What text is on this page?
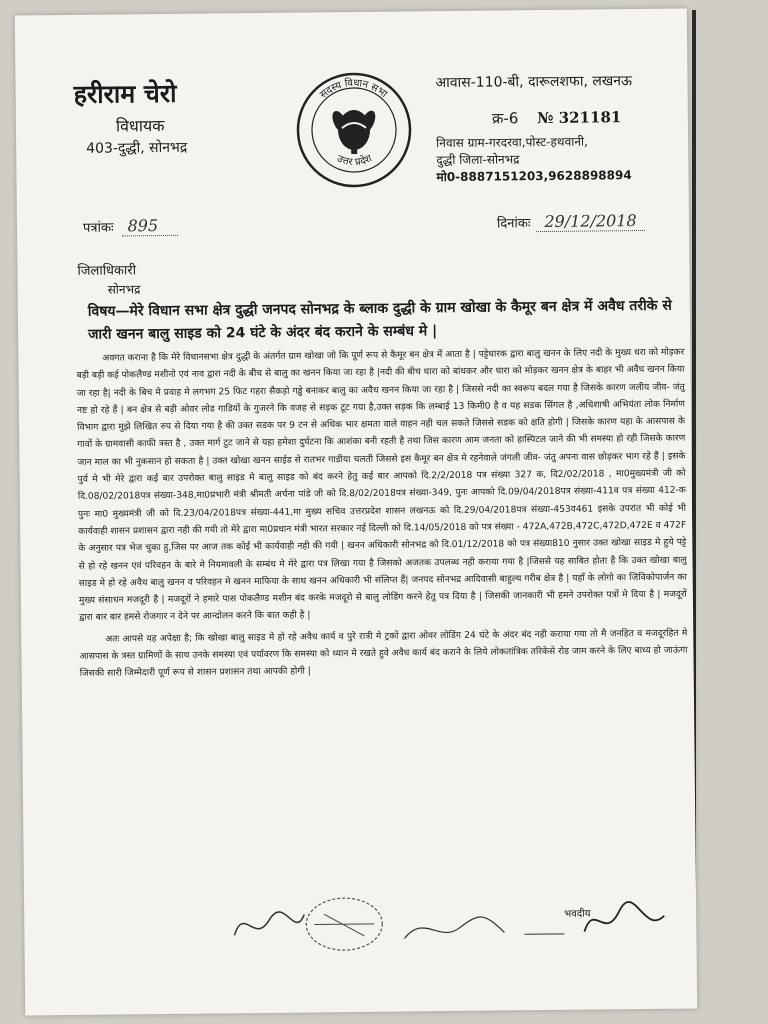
हरीराम चेरो
विधायक
403-दुद्धी, सोनभद्र
सदस्य विधान सभा
उत्तर प्रदेश
आवास-110-बी, दारूलशफा, लखनऊ
क्र-6 № 321181
निवास ग्राम-गरदरवा,पोस्ट-हथवानी,
दुद्धी जिला-सोनभद्र
मो0-8887151203,9628898894
पत्रांकः 895	दिनांकः 29/12/2018
जिलाधिकारी
सोनभद्र
विषय—मेरे विधान सभा क्षेत्र दुद्धी जनपद सोनभद्र के ब्लाक दुद्धी के ग्राम खोखा के कैमूर बन क्षेत्र में अवैध तरीके से जारी खनन बालु साइड को 24 घंटे के अंदर बंद कराने के सम्बंध मे |

अवगत कराना है कि मेरे विधानसभा क्षेत्र दुद्धी के अंतर्गत ग्राम खोखा जो कि पूर्ण रूप से कैमूर बन क्षेत्र में आता है | पट्टेधारक द्वारा बालु खनन के लिए नदी के मुख्य धरा को मोड़कर बड़ी बड़ी कई पोकलैण्ड मशीनो एवं नाव द्वारा नदी के बीच से बालु का खनन किया जा रहा है |नदी की बीच धारा को बांधकर और धारा को मोड़कर खनन क्षेत्र के बाहर भी अवैध खनन किया जा रहा है| नदी के बिच मे प्रवाह मे लगभग 25 फिट गहरा सैकड़ो गड्ढे बनाकर बालु का अवैध खनन किया जा रहा है | जिससे नदी का स्वरूप बदल गया है जिसके कारण जलीय जीव- जंतु नष्ट हो रहे हैं | बन क्षेत्र से बड़ी ओवर लोड गाडियों के गुजरने कि वजह से सड़क टूट गया है,उक्त सड़क कि लम्बाई 13 किमी0 है व यह सडक सिंगल है ,अधिशाषी अभियंता लोक निर्माण विभाग द्वारा मुझे लिखित रुप से दिया गया है की उक्त सडक पर 9 टन से अधिक भार क्षमता वाले वाहन नही चल सकते जिससे सडक को क्षति होगी | जिसके कारण यहा के आसपास के गावों के ग्रामवासी काफी त्रस्त है , उक्त मार्ग टुट जाने से यहा हमेशा दुर्घटना कि आशंका बनी रहती है तथा जिस कारण आम जनता को हास्पिटल जाने की भी समस्या हो रही जिसके कारण जान माल का भी नुकसान हो सकता है | उक्त खोखा खनन साईड से रातभर गाडीया चलती जिससे इस कैमूर बन क्षेत्र मे रहनेवाले जंगली जीव- जंतु अपना वास छोड़कर भाग रहे हैं | इसके पुर्व मे भी मेरे द्वारा कई बार उपरोक्त बालु साइड मे बालु साइड को बंद करने हेतु कई बार आपको दि.2/2/2018 पत्र संख्या 327 क, दि2/02/2018 , मा0मुख्यमंत्री जी को दि.08/02/2018पत्र संख्या-348,मा0प्रभारी मंत्री श्रीमती अर्चना पांडे जी को दि.8/02/2018पत्र संख्या-349, पुनः आपको दि.09/04/2018पत्र संख्या-411व पत्र संख्या 412-क पुनः मा0 मुख्यमंत्री जी को दि.23/04/2018पत्र संख्या-441,मा मुख्य सचिव उत्तरप्रदेश शासन लखनऊ को दि.29/04/2018पत्र संख्या-453व461 इसके उपरांत भी कोई भी कार्यवाही शासन प्रशासन द्वारा नही की गयी तो मेरे द्वारा मा0प्रधान मंत्री भारत सरकार नई दिल्ली को दि.14/05/2018 को पत्र संख्या - 472A,472B,472C,472D,472E व 472F के अनुसार पत्र भेज चुका हु,जिस पर आज तक कोई भी कार्यवाही नही की गयी | खनन अधिकारी सोनभद्र को दि.01/12/2018 को पत्र संख्या810 नुसार उक्त खोखा साइड मे हुये पट्टे से हो रहे खनन एवं परिवहन के बारे मे नियमावली के सम्बंध मे मेरे द्वारा पत्र लिखा गया है जिसको अजतक उपलब्ध नही कराया गया है |जिससे यह साबित होता है कि उक्त खोखा बालु साइड मे हो रहे अवैध बालु खनन व परिवहन मे खनन माफिया के साथ खनन अधिकारी भी संलिप्त हैं| जनपद सोनभद्र आदिवासी बाहुल्य गरीब क्षेत्र है | यहाँ के लोगो का जिविकोपार्जन का मुख्य संसाधन मजदूरी है | मजदूरों ने हमारे पास पोकलैण्ड मशीन बंद करके मजदूरो से बालु लोडिंग करने हेतु पत्र दिया है | जिसकी जानकारी भी हमने उपरोक्त पत्रों मे दिया है | मजदूरों द्वारा बार बार हमसे रोजगार न देने पर आन्दोलन करने कि बात कही है |

अतः आपसे यह अपेक्षा है; कि खोखा बालु साइड मे हो रहे अवैध कार्य व पुरे रात्री मे ट्रकों द्वारा ओवर लोडिंग 24 घंटे के अंदर बंद नही कराया गया तो मै जनहित व मजदूरहित मे आसपास के त्रस्त ग्रामिणों के साथ उनके समस्या एवं पर्यावरण कि समस्या को ध्यान मे रखते हुवे अवैध कार्य बंद कराने के लिये लोकतांत्रिक तरिकेसे रोड जाम करने के लिए बाध्य हो जाऊंगा जिसकी सारी जिम्मेदारी पूर्ण रूप से शासन प्रशासन तथा आपकी होगी |

भवदीय
